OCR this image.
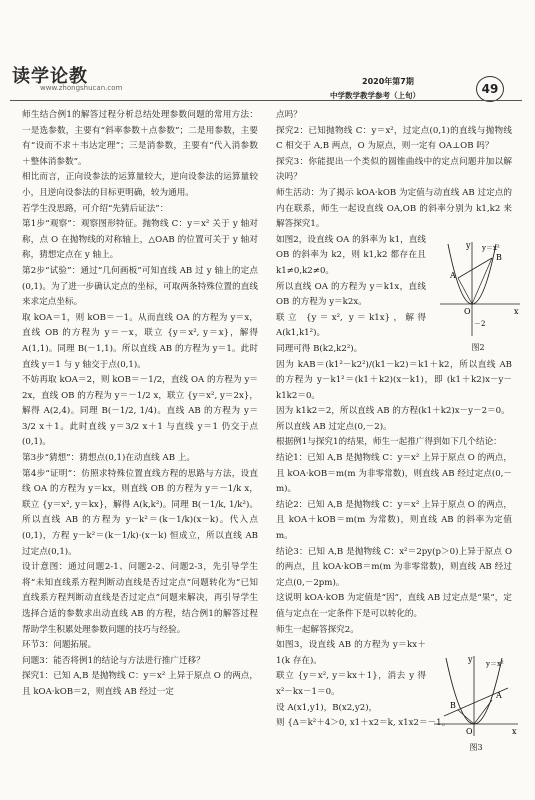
读学论教
www.zhongshucan.com
2020年第7期
中学数学教学参考（上旬）	49

师生结合例1的解答过程分析总结处理参数问题的常用方法：一是选参数，主要有“斜率参数＋点参数”；二是用参数，主要有“设而不求＋韦达定理”；三是消参数，主要有“代入消参数＋整体消参数”。

相比而言，正向设参法的运算量较大，逆向设参法的运算量较小，且逆向设参法的目标更明确，较为通用。

若学生没思路，可介绍“先猜后证法”：

第1步“观察”：观察图形特征。抛物线 C：y＝x² 关于 y 轴对称，点 O 在抛物线的对称轴上，△OAB 的位置可关于 y 轴对称，猜想定点在 y 轴上。

第2步“试验”：通过“几何画板”可知直线 AB 过 y 轴上的定点(0,1)。为了进一步确认定点的坐标，可取两条特殊位置的直线来求定点坐标。

取 kOA＝1，则 kOB＝－1。从而直线 OA 的方程为 y＝x，直线 OB 的方程为 y＝－x，联立 {y＝x², y＝x}，解得 A(1,1)。同理 B(－1,1)。所以直线 AB 的方程为 y＝1。此时直线 y＝1 与 y 轴交于点(0,1)。

不妨再取 kOA＝2，则 kOB＝－1/2，直线 OA 的方程为 y＝2x，直线 OB 的方程为 y＝－1/2 x，联立 {y＝x², y＝2x}，解得 A(2,4)。同理 B(－1/2, 1/4)。直线 AB 的方程为 y＝3/2 x＋1。此时直线 y＝3/2 x＋1 与直线 y＝1 仍交于点(0,1)。

第3步“猜想”：猜想点(0,1)在动直线 AB 上。

第4步“证明”：仿照求特殊位置直线方程的思路与方法，设直线 OA 的方程为 y＝kx，则直线 OB 的方程为 y＝－1/k x，联立 {y＝x², y＝kx}，解得 A(k,k²)。同理 B(－1/k, 1/k²)。所以直线 AB 的方程为 y－k²＝(k－1/k)(x－k)。代入点(0,1)，方程 y－k²＝(k－1/k)·(x－k) 恒成立，所以直线 AB 过定点(0,1)。

设计意图：通过问题2-1、问题2-2、问题2-3，先引导学生将“未知直线系方程判断动直线是否过定点”问题转化为“已知直线系方程判断动直线是否过定点”问题来解决，再引导学生选择合适的参数求出动直线 AB 的方程，结合例1的解答过程帮助学生积累处理参数问题的技巧与经验。

环节3：问题拓展。

问题3：能否将例1的结论与方法进行推广迁移？

探究1：已知 A,B 是抛物线 C：y＝x² 上异于原点 O 的两点，且 kOA·kOB＝2，则直线 AB 经过一定

点吗？

探究2：已知抛物线 C：y＝x²，过定点(0,1)的直线与抛物线 C 相交于 A,B 两点，O 为原点，则一定有 OA⊥OB 吗？

探究3：你能提出一个类似的圆锥曲线中的定点问题并加以解决吗？

师生活动：为了揭示 kOA·kOB 为定值与动直线 AB 过定点的内在联系，师生一起设直线 OA,OB 的斜率分别为 k1,k2 来解答探究1。

如图2，设直线 OA 的斜率为 k1，直线 OB 的斜率为 k2，则 k1,k2 都存在且 k1≠0,k2≠0。

所以直线 OA 的方程为 y＝k1x，直线 OB 的方程为 y＝k2x。

联立 {y＝x², y＝k1x}，解得 A(k1,k1²)。

同理可得 B(k2,k2²)。

因为 kAB＝(k1²－k2²)/(k1－k2)＝k1＋k2，所以直线 AB 的方程为 y－k1²＝(k1＋k2)(x－k1)，即 (k1＋k2)x－y－k1k2＝0。

因为 k1k2＝2，所以直线 AB 的方程(k1＋k2)x－y－2＝0。

所以直线 AB 过定点(0,－2)。

根据例1与探究1的结果，师生一起推广得到如下几个结论：

结论1：已知 A,B 是抛物线 C：y＝x² 上异于原点 O 的两点，且 kOA·kOB＝m(m 为非零常数)，则直线 AB 经过定点(0,－m)。

结论2：已知 A,B 是抛物线 C：y＝x² 上异于原点 O 的两点，且 kOA＋kOB＝m(m 为常数)，则直线 AB 的斜率为定值 m。

结论3：已知 A,B 是抛物线 C：x²＝2py(p＞0)上异于原点 O 的两点，且 kOA·kOB＝m(m 为非零常数)，则直线 AB 经过定点(0,－2pm)。

这说明 kOA·kOB 为定值是“因”，直线 AB 过定点是“果”，定值与定点在一定条件下是可以转化的。

师生一起解答探究2。

如图3，设直线 AB 的方程为 y＝kx＋1(k 存在)。

联立 {y＝x², y＝kx＋1}，消去 y 得 x²－kx－1＝0。

设 A(x1,y1)，B(x2,y2)，

则 {Δ＝k²＋4＞0, x1＋x2＝k, x1x2＝－1。

y y＝x²
A
B
O	x
－2
图2
y y＝x²
A
B
O	x
图3
